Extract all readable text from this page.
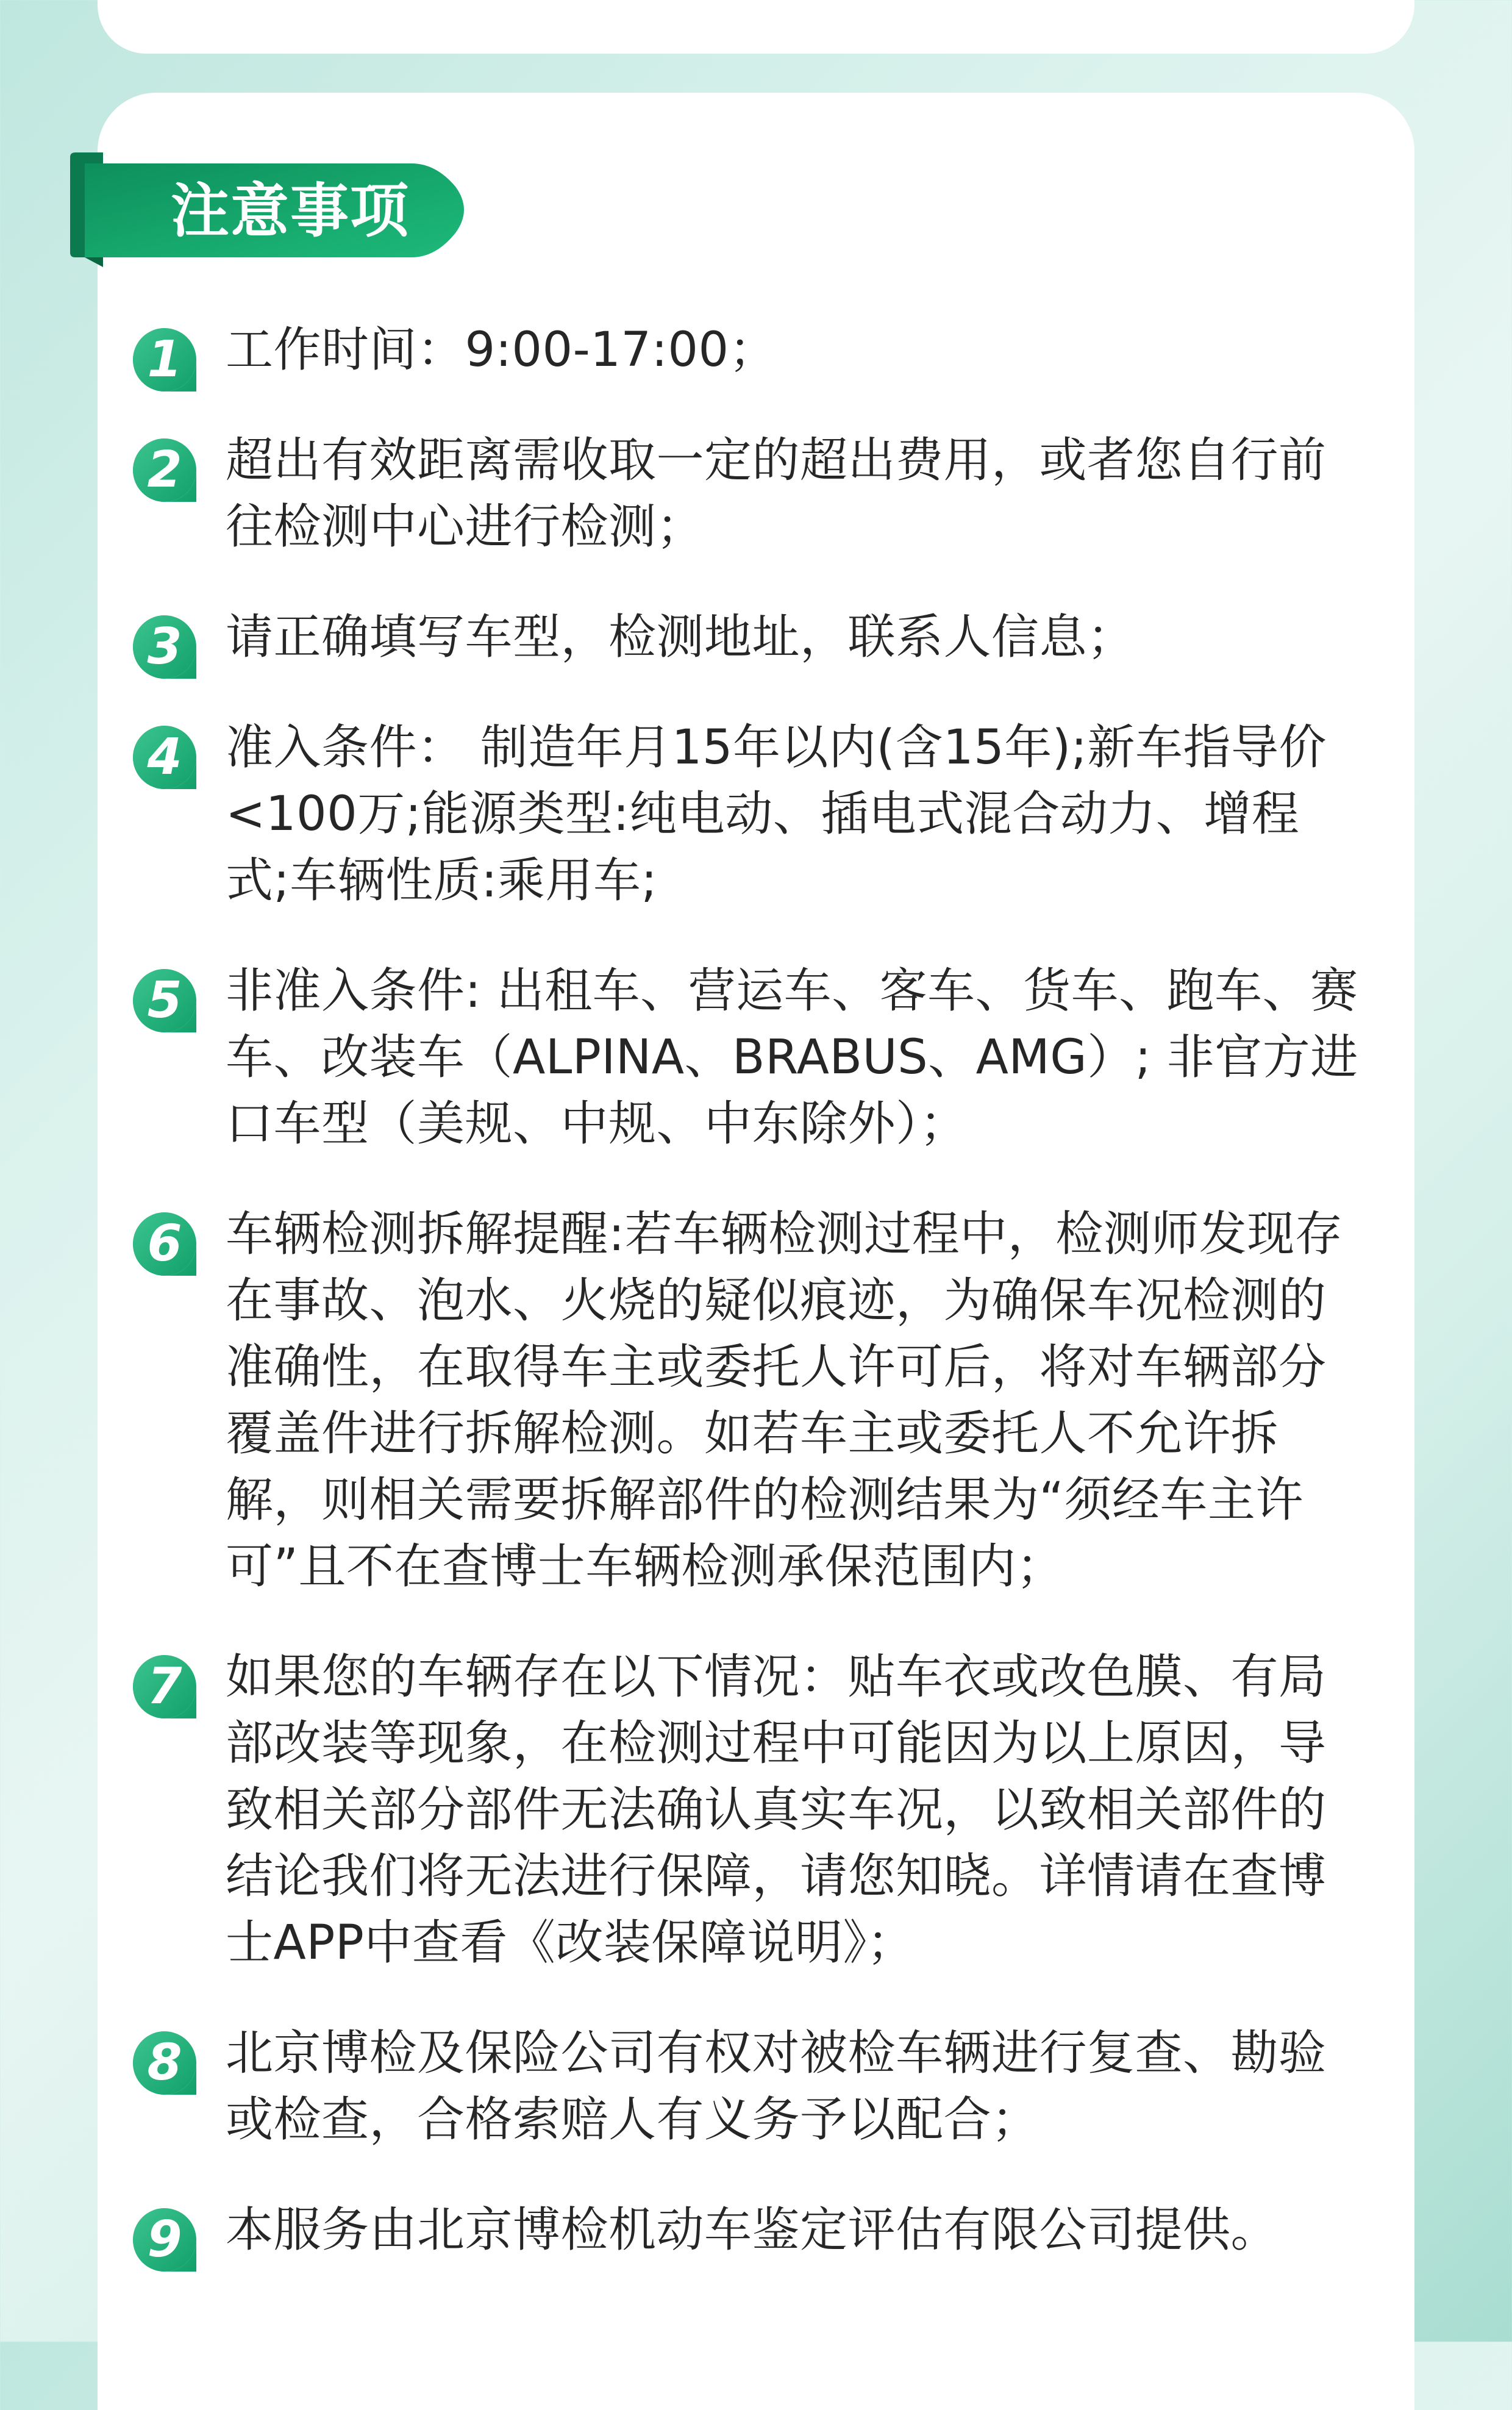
注意事项
1 工作时间：9:00-17:00；
2 超出有效距离需收取一定的超出费用，或者您自行前往检测中心进行检测；
3 请正确填写车型，检测地址，联系人信息；
4 准入条件： 制造年月15年以内(含15年);新车指导价<100万;能源类型:纯电动、插电式混合动力、增程式;车辆性质:乘用车;
5 非准入条件: 出租车、营运车、客车、货车、跑车、赛车、改装车（ALPINA、BRABUS、AMG）; 非官方进口车型（美规、中规、中东除外）；
6 车辆检测拆解提醒:若车辆检测过程中，检测师发现存在事故、泡水、火烧的疑似痕迹，为确保车况检测的准确性，在取得车主或委托人许可后，将对车辆部分覆盖件进行拆解检测。如若车主或委托人不允许拆解，则相关需要拆解部件的检测结果为“须经车主许可”且不在查博士车辆检测承保范围内；
7 如果您的车辆存在以下情况：贴车衣或改色膜、有局部改装等现象，在检测过程中可能因为以上原因，导致相关部分部件无法确认真实车况，以致相关部件的结论我们将无法进行保障，请您知晓。详情请在查博士APP中查看《改装保障说明》；
8 北京博检及保险公司有权对被检车辆进行复查、勘验或检查，合格索赔人有义务予以配合；
9 本服务由北京博检机动车鉴定评估有限公司提供。
